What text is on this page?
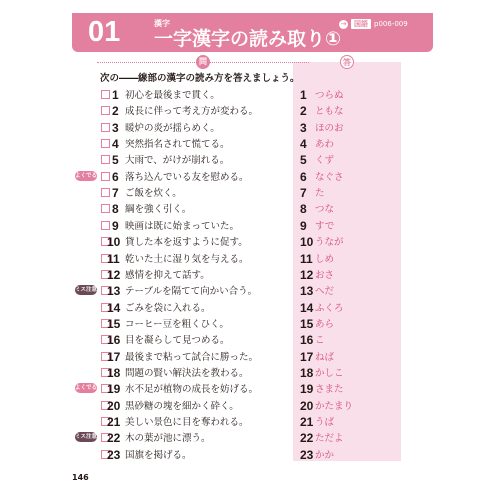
01	漢字
一字漢字の読み取り①
→	国語 p006-009
問	答
次の――線部の漢字の読み方を答えましょう。
1 初心を最後まで貫く。
2 成長に伴って考え方が変わる。
3 暖炉の炎が揺らめく。
4 突然指名されて慌てる。
5 大雨で、がけが崩れる。
よくでる 6 落ち込んでいる友を慰める。
7 ご飯を炊く。
8 綱を強く引く。
9 映画は既に始まっていた。
10 貸した本を返すように促す。
11 乾いた土に湿り気を与える。
12 感情を抑えて話す。
ミス注意 13 テーブルを隔てて向かい合う。
14 ごみを袋に入れる。
15 コーヒー豆を粗くひく。
16 目を凝らして見つめる。
17 最後まで粘って試合に勝った。
18 問題の賢い解決法を教わる。
よくでる 19 水不足が植物の成長を妨げる。
20 黒砂糖の塊を細かく砕く。
21 美しい景色に目を奪われる。
ミス注意 22 木の葉が池に漂う。
23 国旗を掲げる。
1 つらぬ
2 ともな
3 ほのお
4 あわ
5 くず
6 なぐさ
7 た
8 つな
9 すで
10 うなが
11 しめ
12 おさ
13 へだ
14 ふくろ
15 あら
16 こ
17 ねば
18 かしこ
19 さまた
20 かたまり
21 うば
22 ただよ
23 かか
146
